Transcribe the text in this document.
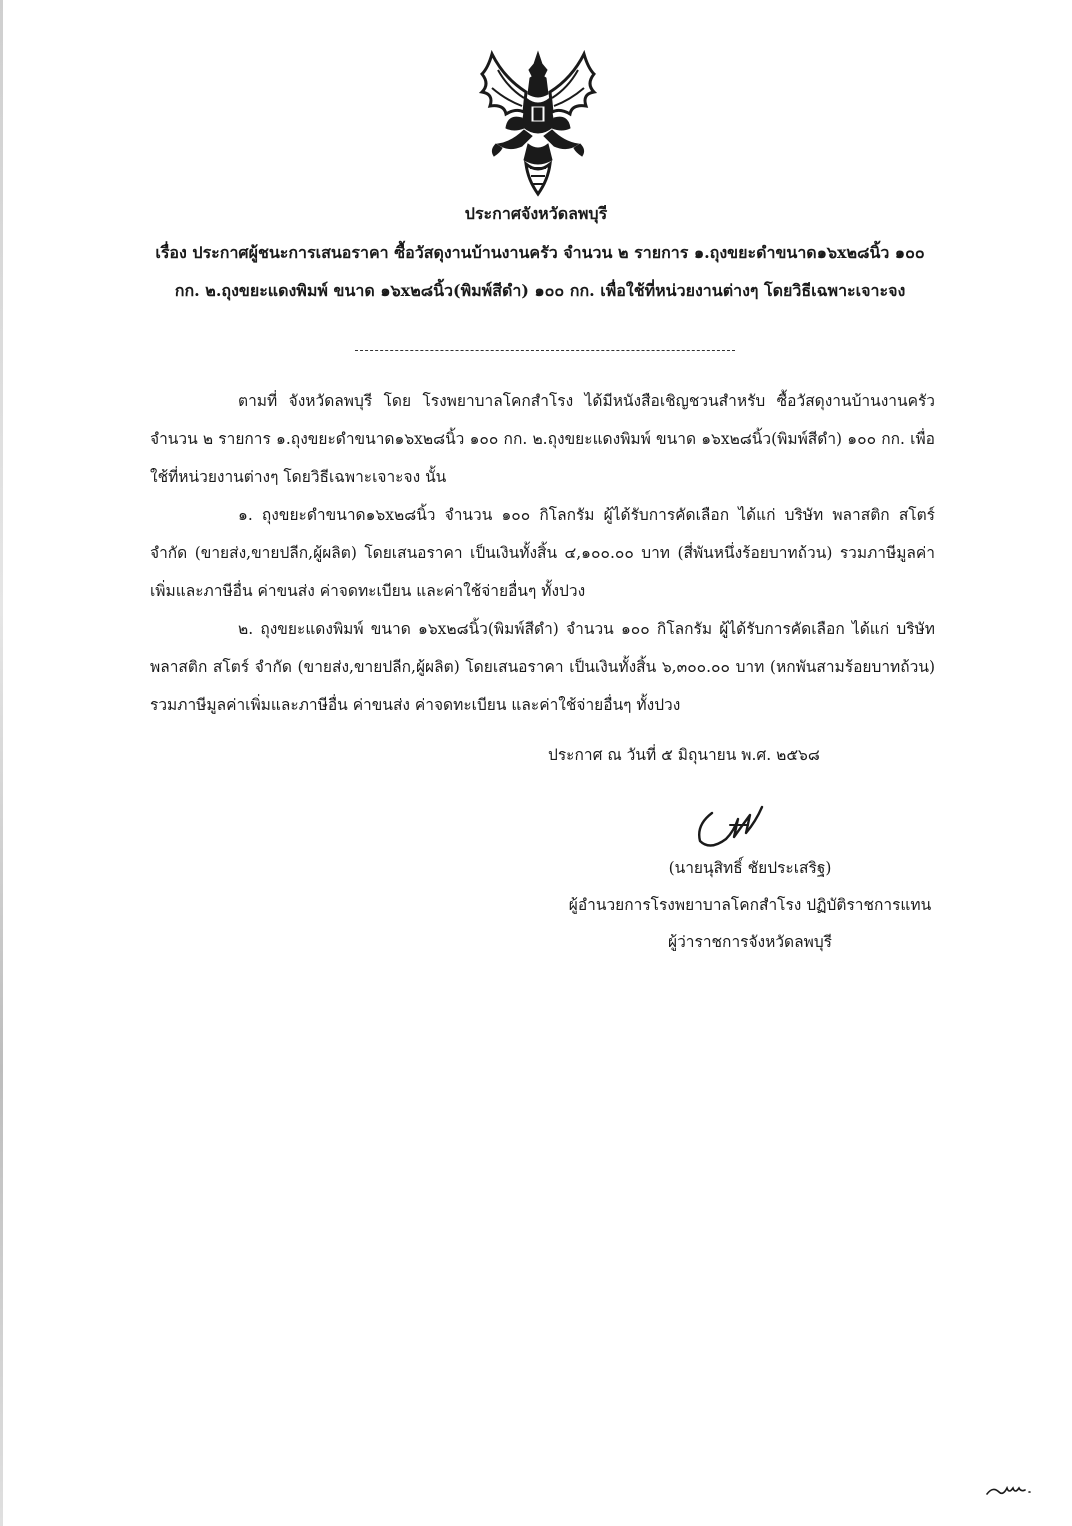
ประกาศจังหวัดลพบุรี
เรื่อง ประกาศผู้ชนะการเสนอราคา ซื้อวัสดุงานบ้านงานครัว จำนวน ๒ รายการ ๑.ถุงขยะดำขนาด๑๖x๒๘นิ้ว ๑๐๐ กก. ๒.ถุงขยะแดงพิมพ์ ขนาด ๑๖x๒๘นิ้ว(พิมพ์สีดำ) ๑๐๐ กก. เพื่อใช้ที่หน่วยงานต่างๆ โดยวิธีเฉพาะเจาะจง

ตามที่ จังหวัดลพบุรี โดย โรงพยาบาลโคกสำโรง ได้มีหนังสือเชิญชวนสำหรับ ซื้อวัสดุงานบ้านงานครัว จำนวน ๒ รายการ ๑.ถุงขยะดำขนาด๑๖x๒๘นิ้ว ๑๐๐ กก. ๒.ถุงขยะแดงพิมพ์ ขนาด ๑๖x๒๘นิ้ว(พิมพ์สีดำ) ๑๐๐ กก. เพื่อใช้ที่หน่วยงานต่างๆ โดยวิธีเฉพาะเจาะจง นั้น

๑. ถุงขยะดำขนาด๑๖x๒๘นิ้ว จำนวน ๑๐๐ กิโลกรัม ผู้ได้รับการคัดเลือก ได้แก่ บริษัท พลาสติก สโตร์ จำกัด (ขายส่ง,ขายปลีก,ผู้ผลิต) โดยเสนอราคา เป็นเงินทั้งสิ้น ๔,๑๐๐.๐๐ บาท (สี่พันหนึ่งร้อยบาทถ้วน) รวมภาษีมูลค่าเพิ่มและภาษีอื่น ค่าขนส่ง ค่าจดทะเบียน และค่าใช้จ่ายอื่นๆ ทั้งปวง

๒. ถุงขยะแดงพิมพ์ ขนาด ๑๖x๒๘นิ้ว(พิมพ์สีดำ) จำนวน ๑๐๐ กิโลกรัม ผู้ได้รับการคัดเลือก ได้แก่ บริษัท พลาสติก สโตร์ จำกัด (ขายส่ง,ขายปลีก,ผู้ผลิต) โดยเสนอราคา เป็นเงินทั้งสิ้น ๖,๓๐๐.๐๐ บาท (หกพันสามร้อยบาทถ้วน) รวมภาษีมูลค่าเพิ่มและภาษีอื่น ค่าขนส่ง ค่าจดทะเบียน และค่าใช้จ่ายอื่นๆ ทั้งปวง

ประกาศ ณ วันที่ ๕ มิถุนายน พ.ศ. ๒๕๖๘
(นายนุสิทธิ์ ชัยประเสริฐ)
ผู้อำนวยการโรงพยาบาลโคกสำโรง ปฏิบัติราชการแทน
ผู้ว่าราชการจังหวัดลพบุรี
